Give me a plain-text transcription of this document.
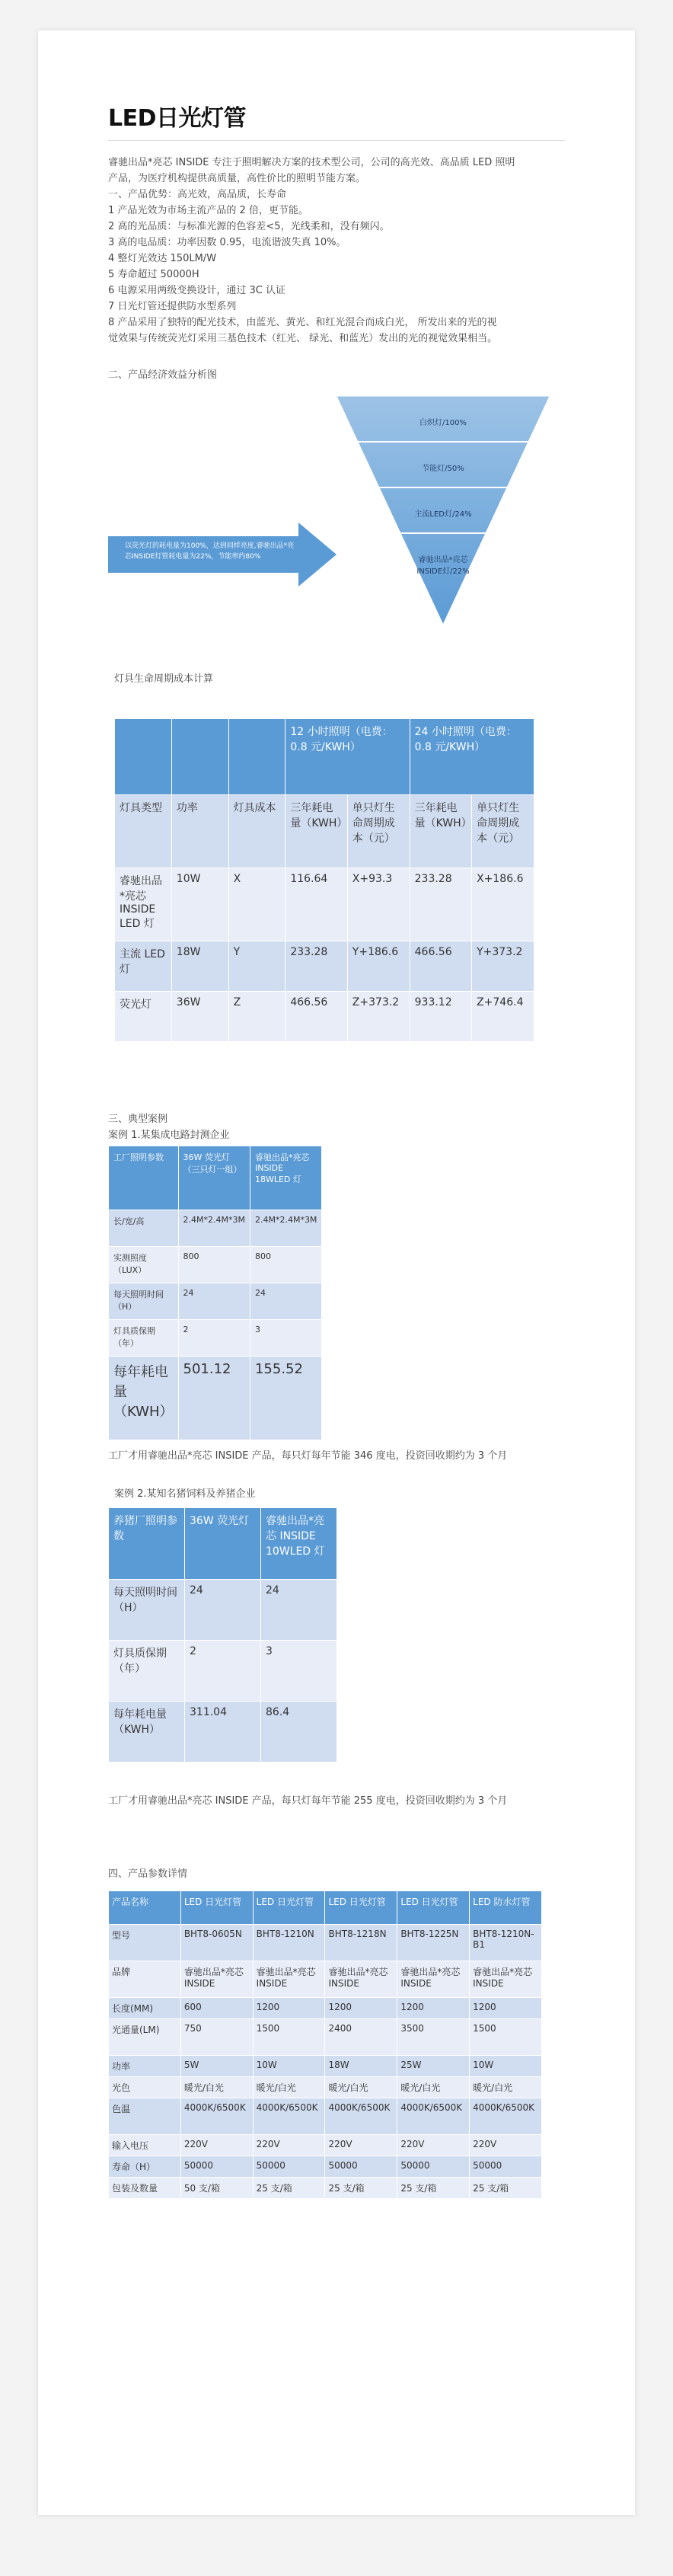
LED日光灯管

睿驰出品*亮芯 INSIDE 专注于照明解决方案的技术型公司，公司的高光效、高品质 LED 照明

产品，为医疗机构提供高质量，高性价比的照明节能方案。

一、产品优势：高光效，高品质，长寿命

1 产品光效为市场主流产品的 2 倍，更节能。

2 高的光品质：与标准光源的色容差<5，光线柔和，没有频闪。

3 高的电品质：功率因数 0.95，电流谐波失真 10%。

4 整灯光效达 150LM/W

5 寿命超过 50000H

6 电源采用两级变换设计，通过 3C 认证

7 日光灯管还提供防水型系列

8 产品采用了独特的配光技术，由蓝光、黄光、和红光混合而成白光， 所发出来的光的视

觉效果与传统荧光灯采用三基色技术（红光、 绿光、和蓝光）发出的光的视觉效果相当。

二、产品经济效益分析图
以荧光灯的耗电量为100%，达到同样亮度,睿驰出品*亮芯INSIDE灯管耗电量为22%，节能率约80%
白炽灯/100%
节能灯/50%
主流LED灯/24%
睿驰出品*亮芯INSIDE灯/22%
灯具生命周期成本计算
			12 小时照明（电费：0.8 元/KWH）		24 小时照明（电费：0.8 元/KWH）	
灯具类型	功率	灯具成本	三年耗电量（KWH）	单只灯生命周期成本（元）	三年耗电量（KWH）	单只灯生命周期成本（元）
睿驰出品*亮芯 INSIDE LED 灯	10W	X	116.64	X+93.3	233.28	X+186.6
主流 LED 灯	18W	Y	233.28	Y+186.6	466.56	Y+373.2
荧光灯	36W	Z	466.56	Z+373.2	933.12	Z+746.4
三、典型案例
案例 1.某集成电路封测企业
工厂照明参数	36W 荧光灯（三只灯一组）	睿驰出品*亮芯 INSIDE 18WLED 灯
长/宽/高	2.4M*2.4M*3M	2.4M*2.4M*3M
实测照度（LUX）	800	800
每天照明时间（H）	24	24
灯具质保期（年）	2	3
每年耗电量（KWH）	501.12	155.52

工厂才用睿驰出品*亮芯 INSIDE 产品，每只灯每年节能 346 度电，投资回收期约为 3 个月

案例 2.某知名猪饲料及养猪企业
养猪厂照明参数	36W 荧光灯	睿驰出品*亮芯 INSIDE 10WLED 灯
每天照明时间（H）	24	24
灯具质保期（年）	2	3
每年耗电量（KWH）	311.04	86.4

工厂才用睿驰出品*亮芯 INSIDE 产品，每只灯每年节能 255 度电，投资回收期约为 3 个月

四、产品参数详情
产品名称	LED 日光灯管	LED 日光灯管	LED 日光灯管	LED 日光灯管	LED 防水灯管
型号	BHT8-0605N	BHT8-1210N	BHT8-1218N	BHT8-1225N	BHT8-1210N-B1
品牌	睿驰出品*亮芯 INSIDE	睿驰出品*亮芯 INSIDE	睿驰出品*亮芯 INSIDE	睿驰出品*亮芯 INSIDE	睿驰出品*亮芯 INSIDE
长度(MM)	600	1200	1200	1200	1200
光通量(LM)	750	1500	2400	3500	1500
功率	5W	10W	18W	25W	10W
光色	暖光/白光	暖光/白光	暖光/白光	暖光/白光	暖光/白光
色温	4000K/6500K	4000K/6500K	4000K/6500K	4000K/6500K	4000K/6500K
输入电压	220V	220V	220V	220V	220V
寿命（H）	50000	50000	50000	50000	50000
包装及数量	50 支/箱	25 支/箱	25 支/箱	25 支/箱	25 支/箱
